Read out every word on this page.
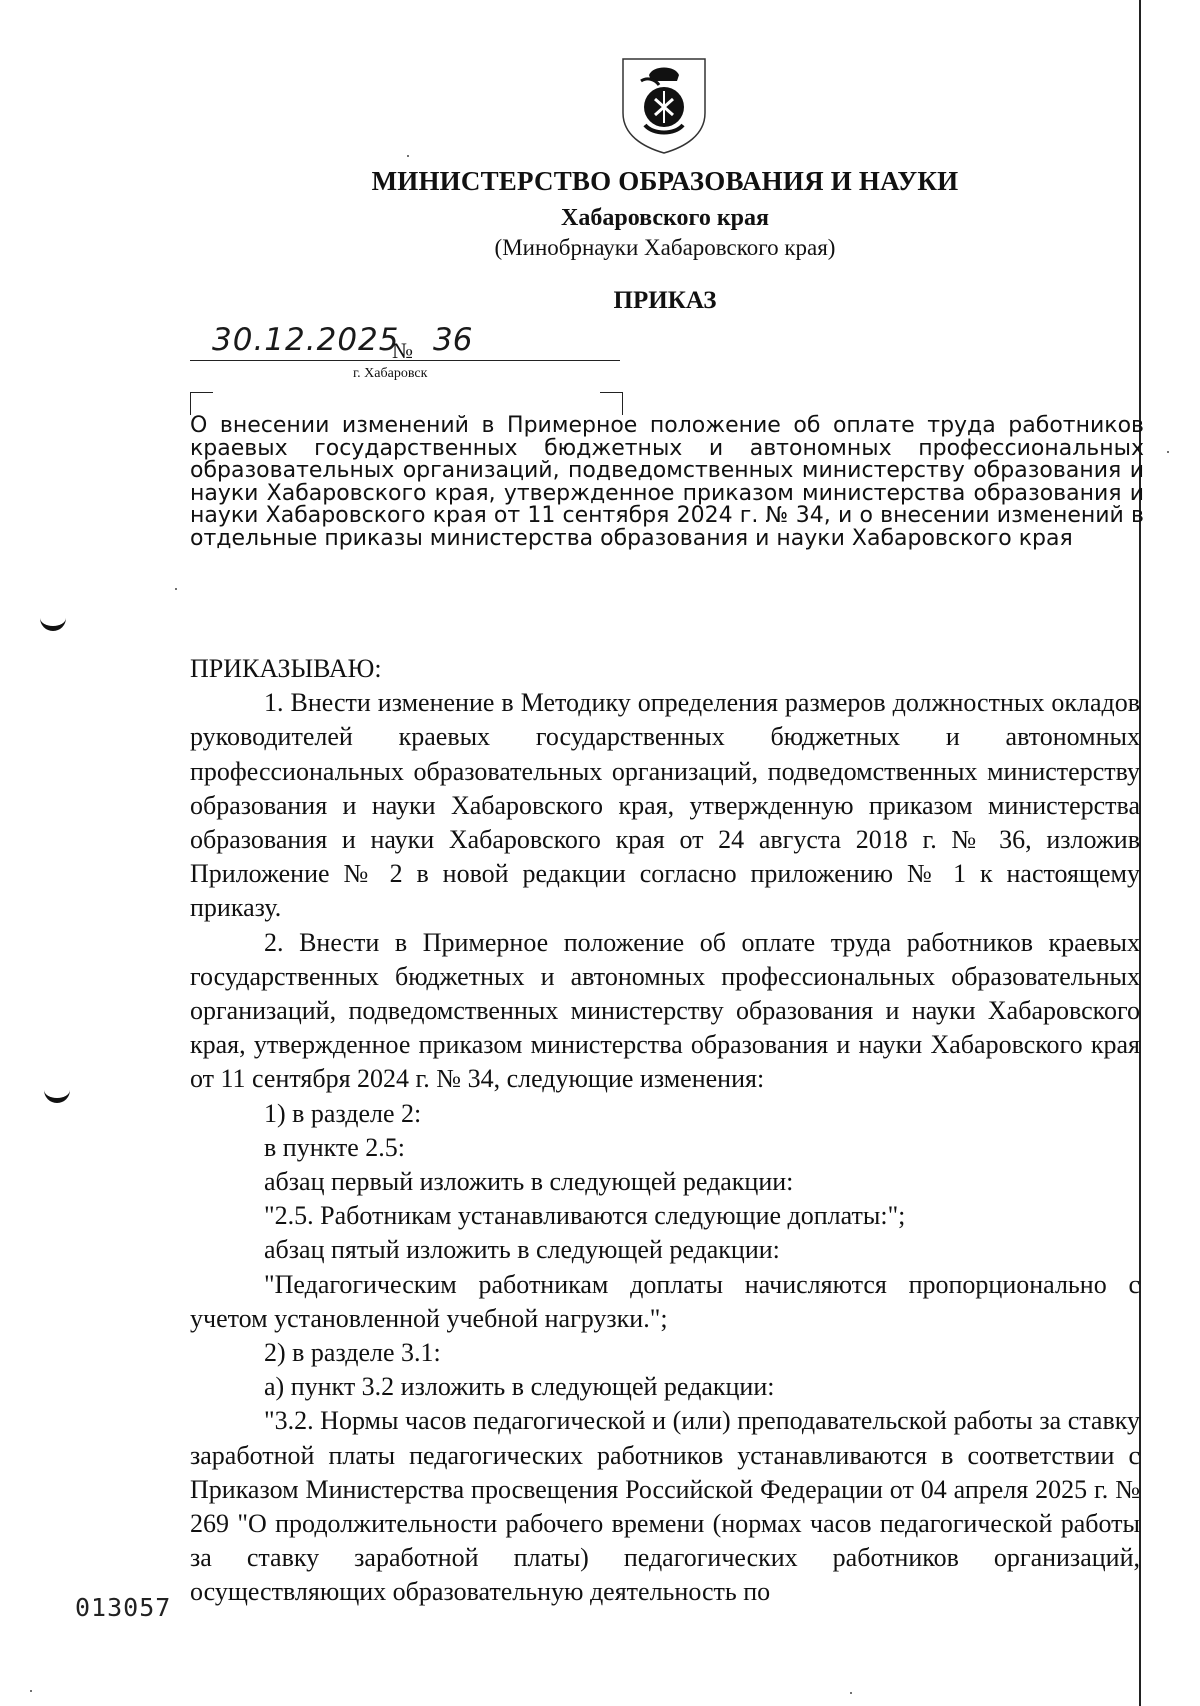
МИНИСТЕРСТВО ОБРАЗОВАНИЯ И НАУКИ
Хабаровского края
(Минобрнауки Хабаровского края)
ПРИКАЗ
30.12.2025
№ 36
г. Хабаровск
О внесении изменений в Примерное положение об оплате труда работников краевых государственных бюджетных и автономных профессиональных образовательных организаций, подведомственных министерству образования и науки Хабаровского края, утвержденное приказом министерства образования и науки Хабаровского края от 11 сентября 2024 г. № 34, и о внесении изменений в отдельные приказы министерства образования и науки Хабаровского края

ПРИКАЗЫВАЮ:

1. Внести изменение в Методику определения размеров должностных окладов руководителей краевых государственных бюджетных и автономных профессиональных образовательных организаций, подведомственных министерству образования и науки Хабаровского края, утвержденную приказом министерства образования и науки Хабаровского края от 24 августа 2018 г. № 36, изложив Приложение № 2 в новой редакции согласно приложению № 1 к настоящему приказу.

2. Внести в Примерное положение об оплате труда работников краевых государственных бюджетных и автономных профессиональных образовательных организаций, подведомственных министерству образования и науки Хабаровского края, утвержденное приказом министерства образования и науки Хабаровского края от 11 сентября 2024 г. № 34, следующие изменения:

1) в разделе 2:

в пункте 2.5:

абзац первый изложить в следующей редакции:

"2.5. Работникам устанавливаются следующие доплаты:";

абзац пятый изложить в следующей редакции:

"Педагогическим работникам доплаты начисляются пропорционально с учетом установленной учебной нагрузки.";

2) в разделе 3.1:

а) пункт 3.2 изложить в следующей редакции:

"3.2. Нормы часов педагогической и (или) преподавательской работы за ставку заработной платы педагогических работников устанавливаются в соответствии с Приказом Министерства просвещения Российской Федерации от 04 апреля 2025 г. № 269 "О продолжительности рабочего времени (нормах часов педагогической работы за ставку заработной платы) педагогических работников организаций, осуществляющих образовательную деятельность по

013057
